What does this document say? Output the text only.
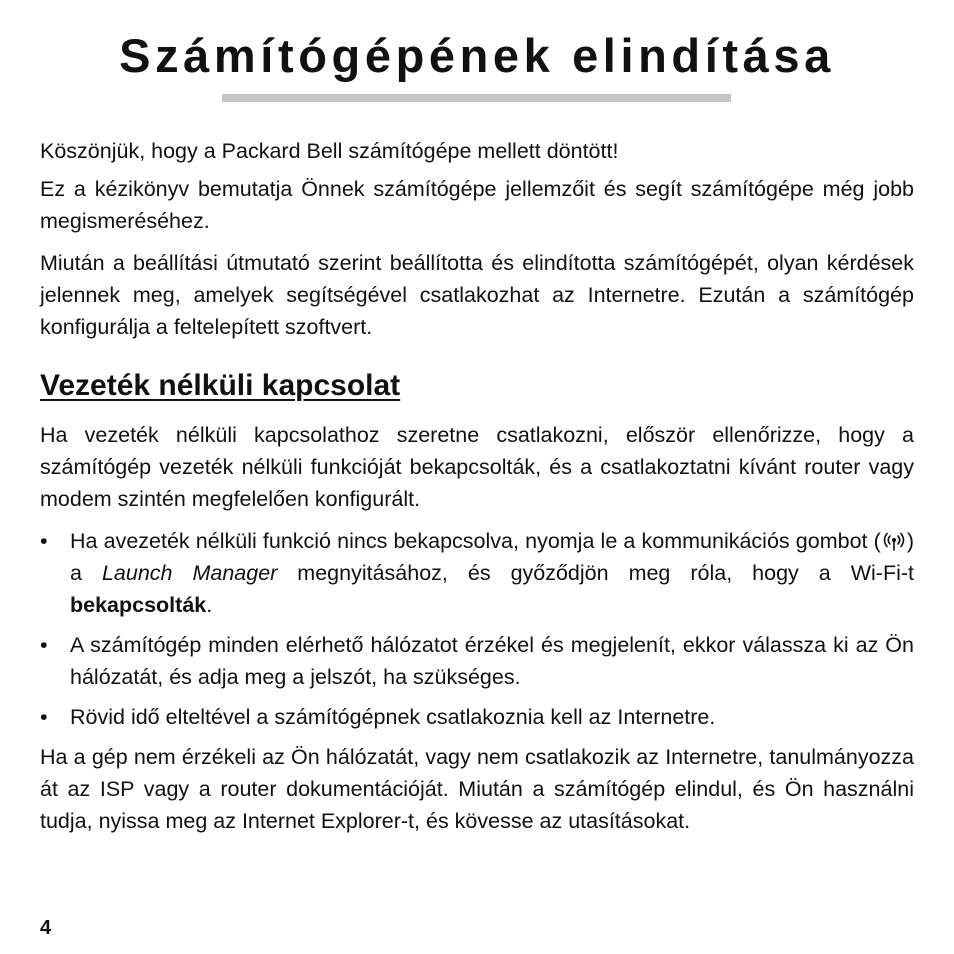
Számítógépének elindítása

Köszönjük, hogy a Packard Bell számítógépe mellett döntött!

Ez a kézikönyv bemutatja Önnek számítógépe jellemzőit és segít számítógépe még jobb megismeréséhez.

Miután a beállítási útmutató szerint beállította és elindította számítógépét, olyan kérdések jelennek meg, amelyek segítségével csatlakozhat az Internetre. Ezután a számítógép konfigurálja a feltelepített szoftvert.

Vezeték nélküli kapcsolat

Ha vezeték nélküli kapcsolathoz szeretne csatlakozni, először ellenőrizze, hogy a számítógép vezeték nélküli funkcióját bekapcsolták, és a csatlakoztatni kívánt router vagy modem szintén megfelelően konfigurált.

• Ha avezeték nélküli funkció nincs bekapcsolva, nyomja le a kommunikációs gombot ( ) a Launch Manager megnyitásához, és győződjön meg róla, hogy a Wi-Fi-t bekapcsolták.
• A számítógép minden elérhető hálózatot érzékel és megjelenít, ekkor válassza ki az Ön hálózatát, és adja meg a jelszót, ha szükséges.
• Rövid idő elteltével a számítógépnek csatlakoznia kell az Internetre.

Ha a gép nem érzékeli az Ön hálózatát, vagy nem csatlakozik az Internetre, tanulmányozza át az ISP vagy a router dokumentációját. Miután a számítógép elindul, és Ön használni tudja, nyissa meg az Internet Explorer-t, és kövesse az utasításokat.

4
